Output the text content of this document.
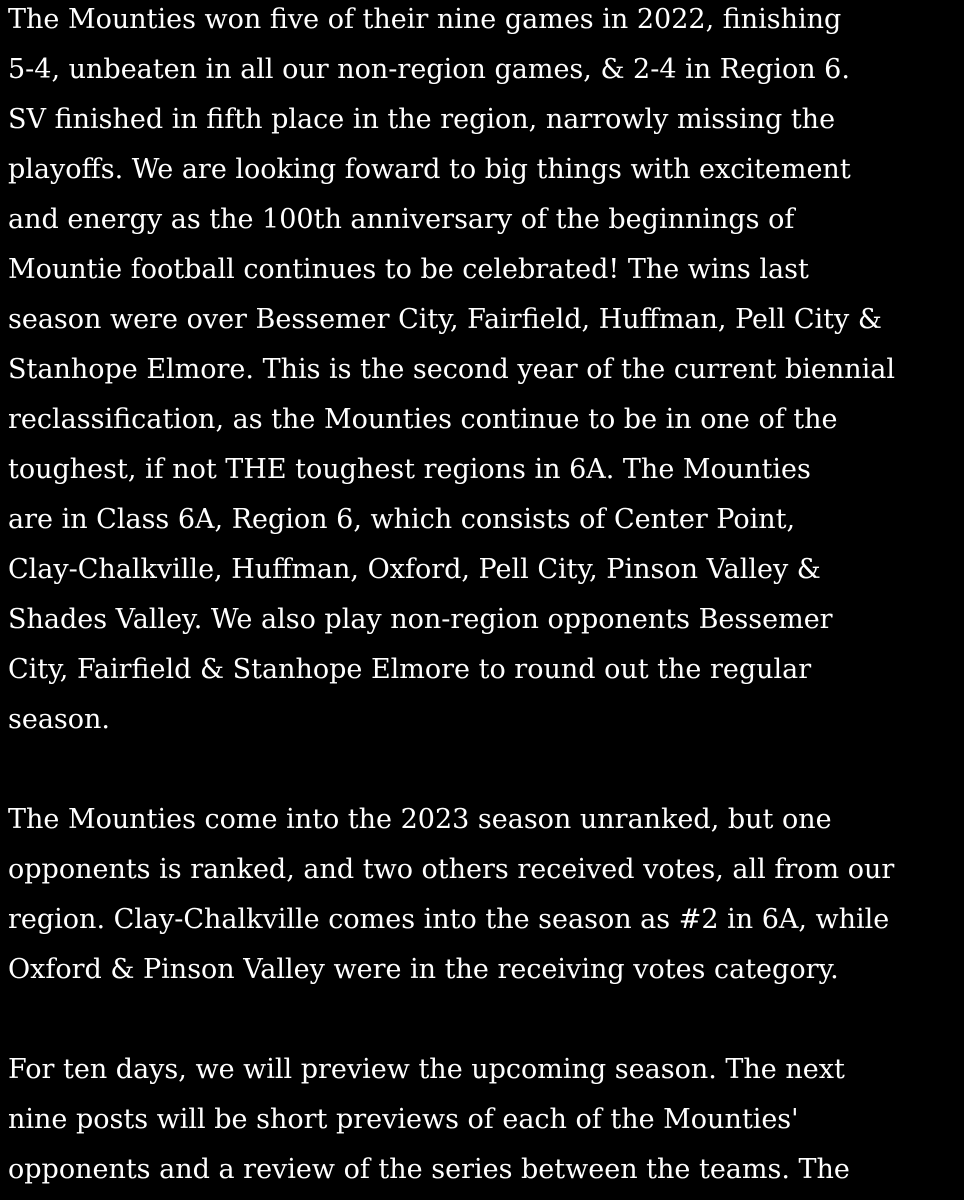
The Mounties won five of their nine games in 2022, finishing
5-4, unbeaten in all our non-region games, & 2-4 in Region 6.
SV finished in fifth place in the region, narrowly missing the
playoffs. We are looking foward to big things with excitement
and energy as the 100th anniversary of the beginnings of
Mountie football continues to be celebrated! The wins last
season were over Bessemer City, Fairfield, Huffman, Pell City &
Stanhope Elmore. This is the second year of the current biennial
reclassification, as the Mounties continue to be in one of the
toughest, if not THE toughest regions in 6A. The Mounties
are in Class 6A, Region 6, which consists of Center Point,
Clay-Chalkville, Huffman, Oxford, Pell City, Pinson Valley &
Shades Valley. We also play non-region opponents Bessemer
City, Fairfield & Stanhope Elmore to round out the regular
season.

The Mounties come into the 2023 season unranked, but one
opponents is ranked, and two others received votes, all from our
region. Clay-Chalkville comes into the season as #2 in 6A, while
Oxford & Pinson Valley were in the receiving votes category.

For ten days, we will preview the upcoming season. The next
nine posts will be short previews of each of the Mounties'
opponents and a review of the series between the teams. The
